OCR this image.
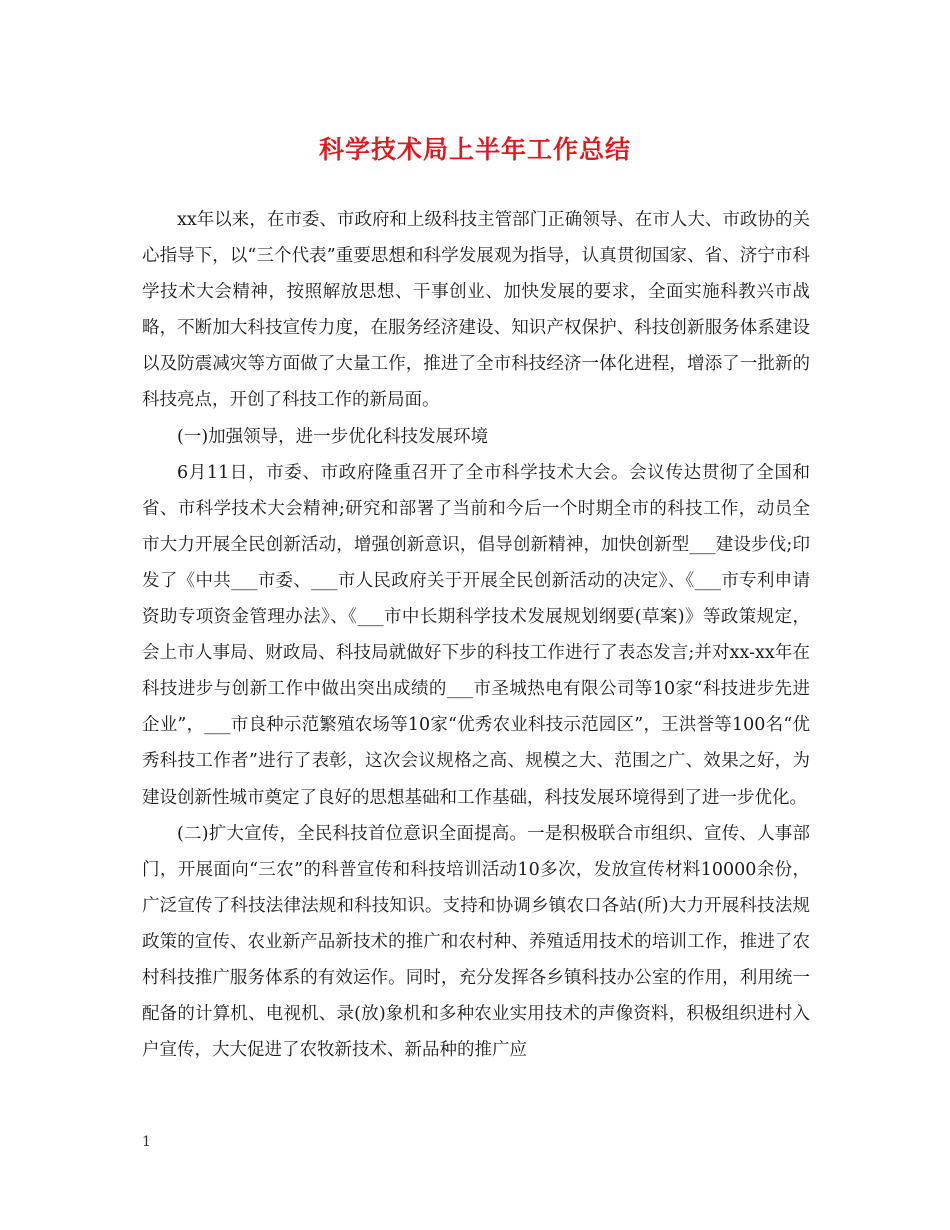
科学技术局上半年工作总结

xx年以来，在市委、市政府和上级科技主管部门正确领导、在市人大、市政协的关心指导下，以“三个代表”重要思想和科学发展观为指导，认真贯彻国家、省、济宁市科学技术大会精神，按照解放思想、干事创业、加快发展的要求，全面实施科教兴市战略，不断加大科技宣传力度，在服务经济建设、知识产权保护、科技创新服务体系建设以及防震减灾等方面做了大量工作，推进了全市科技经济一体化进程，增添了一批新的科技亮点，开创了科技工作的新局面。

(一)加强领导，进一步优化科技发展环境

6月11日，市委、市政府隆重召开了全市科学技术大会。会议传达贯彻了全国和省、市科学技术大会精神;研究和部署了当前和今后一个时期全市的科技工作，动员全市大力开展全民创新活动，增强创新意识，倡导创新精神，加快创新型___建设步伐;印发了《中共___市委、___市人民政府关于开展全民创新活动的决定》、《___市专利申请资助专项资金管理办法》、《___市中长期科学技术发展规划纲要(草案)》等政策规定，会上市人事局、财政局、科技局就做好下步的科技工作进行了表态发言;并对xx-xx年在科技进步与创新工作中做出突出成绩的___市圣城热电有限公司等10家“科技进步先进企业”，___市良种示范繁殖农场等10家“优秀农业科技示范园区”，王洪誉等100名“优秀科技工作者”进行了表彰，这次会议规格之高、规模之大、范围之广、效果之好，为建设创新性城市奠定了良好的思想基础和工作基础，科技发展环境得到了进一步优化。

(二)扩大宣传，全民科技首位意识全面提高。一是积极联合市组织、宣传、人事部门，开展面向“三农”的科普宣传和科技培训活动10多次，发放宣传材料10000余份，广泛宣传了科技法律法规和科技知识。支持和协调乡镇农口各站(所)大力开展科技法规政策的宣传、农业新产品新技术的推广和农村种、养殖适用技术的培训工作，推进了农村科技推广服务体系的有效运作。同时，充分发挥各乡镇科技办公室的作用，利用统一配备的计算机、电视机、录(放)象机和多种农业实用技术的声像资料，积极组织进村入户宣传，大大促进了农牧新技术、新品种的推广应

1
